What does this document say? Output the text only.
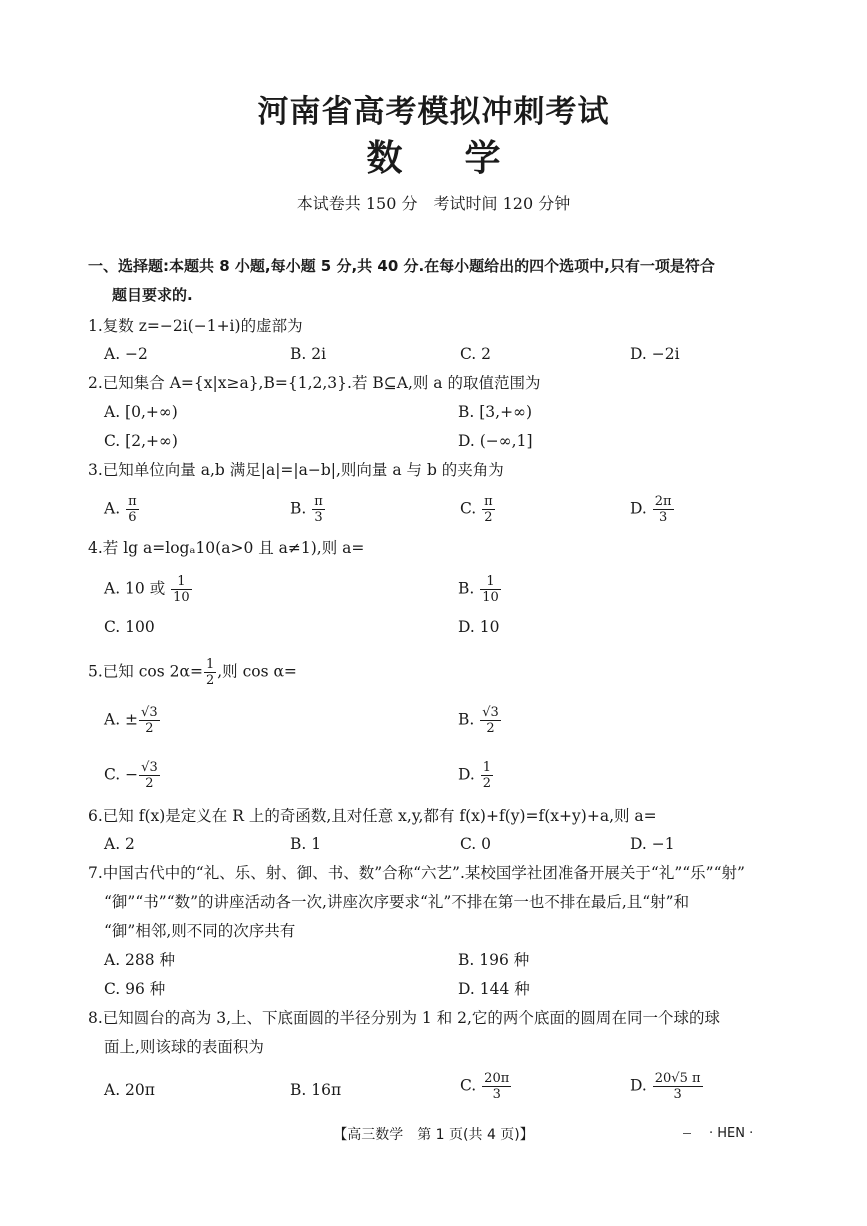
河南省高考模拟冲刺考试
数学
本试卷共 150 分 考试时间 120 分钟
一、选择题:本题共 8 小题,每小题 5 分,共 40 分.在每小题给出的四个选项中,只有一项是符合
题目要求的.
1.复数 z=−2i(−1+i)的虚部为
A. −2	B. 2i	C. 2	D. −2i
2.已知集合 A={x|x≥a},B={1,2,3}.若 B⊆A,则 a 的取值范围为
A. [0,+∞)	B. [3,+∞)
C. [2,+∞)	D. (−∞,1]
3.已知单位向量 a,b 满足|a|=|a−b|,则向量 a 与 b 的夹角为
A. $\frac{\pi}{6}$	B. $\frac{\pi}{3}$	C. $\frac{\pi}{2}$	D. $\frac{2\pi}{3}$
4.若 lg a=logₐ10(a>0 且 a≠1),则 a=
A. 10 或 $\frac{1}{10}$	B. $\frac{1}{10}$
C. 100	D. 10
5.已知 $\cos 2\alpha= \frac{1}{2}$ ,则 cos α=
A. ± $\frac{√3}{2}$	B. $\frac{√3}{2}$
C. − $\frac{√3}{2}$	D. $\frac{1}{2}$
6.已知 f(x)是定义在 R 上的奇函数,且对任意 x,y,都有 f(x)+f(y)=f(x+y)+a,则 a=
A. 2	B. 1	C. 0	D. −1
7.中国古代中的“礼、乐、射、御、书、数”合称“六艺”.某校国学社团准备开展关于“礼”“乐”“射”
“御”“书”“数”的讲座活动各一次,讲座次序要求“礼”不排在第一也不排在最后,且“射”和
“御”相邻,则不同的次序共有
A. 288 种	B. 196 种
C. 96 种	D. 144 种
8.已知圆台的高为 3,上、下底面圆的半径分别为 1 和 2,它的两个底面的圆周在同一个球的球
面上,则该球的表面积为
A. 20π	B. 16π	C. $\frac{20\pi}{3}$	D. $\frac{20√5 \pi}{3}$
【高三数学　第 1 页(共 4 页)】	· HEN ·
